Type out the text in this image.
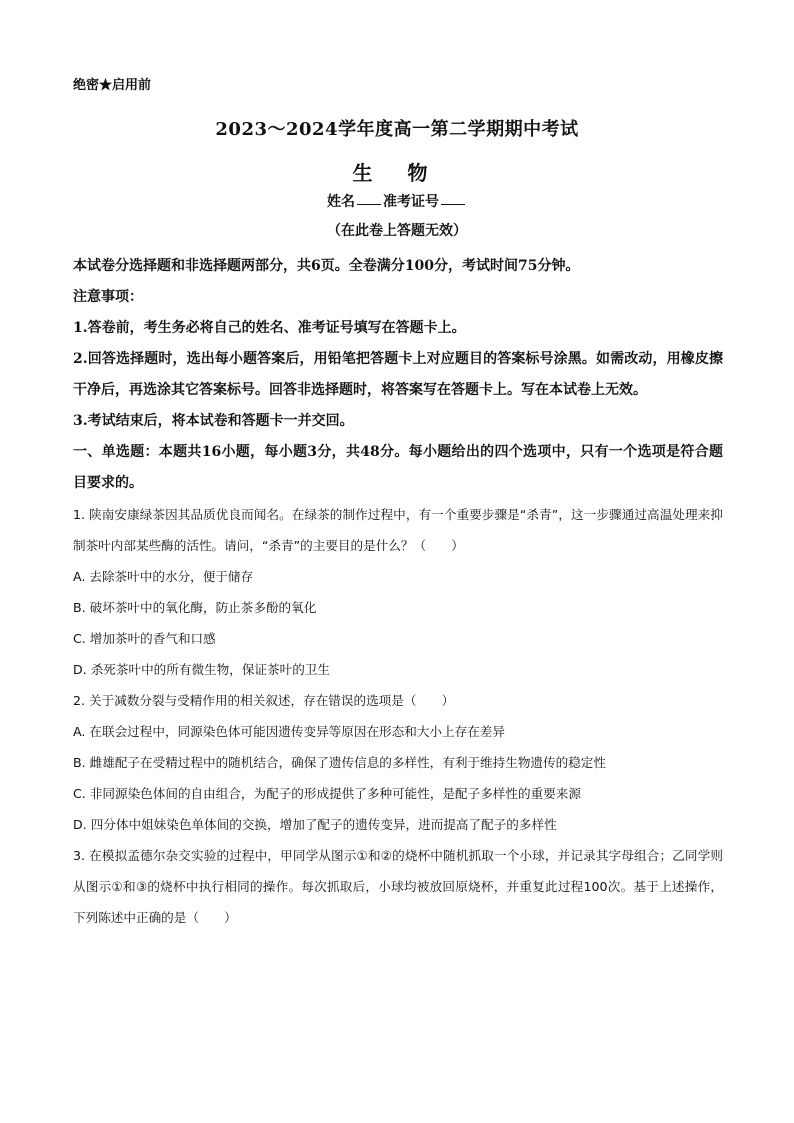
绝密★启用前
2023～2024学年度高一第二学期期中考试
生 物
姓名 准考证号
（在此卷上答题无效）

本试卷分选择题和非选择题两部分，共6页。全卷满分100分，考试时间75分钟。

注意事项：

1.答卷前，考生务必将自己的姓名、准考证号填写在答题卡上。

2.回答选择题时，选出每小题答案后，用铅笔把答题卡上对应题目的答案标号涂黑。如需改动，用橡皮擦干净后，再选涂其它答案标号。回答非选择题时，将答案写在答题卡上。写在本试卷上无效。

3.考试结束后，将本试卷和答题卡一并交回。

一、单选题：本题共16小题，每小题3分，共48分。每小题给出的四个选项中，只有一个选项是符合题目要求的。

1. 陕南安康绿茶因其品质优良而闻名。在绿茶的制作过程中，有一个重要步骤是“杀青”，这一步骤通过高温处理来抑制茶叶内部某些酶的活性。请问，“杀青”的主要目的是什么？（　　）

A. 去除茶叶中的水分，便于储存

B. 破坏茶叶中的氧化酶，防止茶多酚的氧化

C. 增加茶叶的香气和口感

D. 杀死茶叶中的所有微生物，保证茶叶的卫生

2. 关于减数分裂与受精作用的相关叙述，存在错误的选项是（　　）

A. 在联会过程中，同源染色体可能因遗传变异等原因在形态和大小上存在差异

B. 雌雄配子在受精过程中的随机结合，确保了遗传信息的多样性，有利于维持生物遗传的稳定性

C. 非同源染色体间的自由组合，为配子的形成提供了多种可能性，是配子多样性的重要来源

D. 四分体中姐妹染色单体间的交换，增加了配子的遗传变异，进而提高了配子的多样性

3. 在模拟孟德尔杂交实验的过程中，甲同学从图示①和②的烧杯中随机抓取一个小球，并记录其字母组合；乙同学则从图示①和③的烧杯中执行相同的操作。每次抓取后，小球均被放回原烧杯，并重复此过程100次。基于上述操作，下列陈述中正确的是（　　）
